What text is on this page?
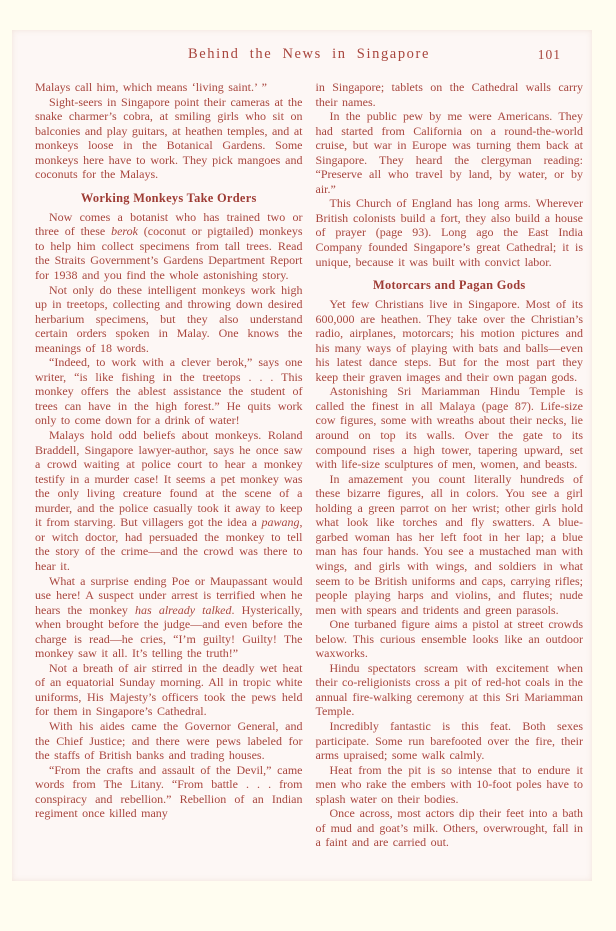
Behind the News in Singapore	101

Malays call him, which means ‘living saint.’ ”

Sight-seers in Singapore point their cameras at the snake charmer’s cobra, at smiling girls who sit on balconies and play guitars, at heathen temples, and at monkeys loose in the Botanical Gardens. Some monkeys here have to work. They pick mangoes and coconuts for the Malays.

Working Monkeys Take Orders

Now comes a botanist who has trained two or three of these berok (coconut or pigtailed) monkeys to help him collect specimens from tall trees. Read the Straits Government’s Gardens Department Report for 1938 and you find the whole astonishing story.

Not only do these intelligent monkeys work high up in treetops, collecting and throwing down desired herbarium specimens, but they also understand certain orders spoken in Malay. One knows the meanings of 18 words.

“Indeed, to work with a clever berok,” says one writer, “is like fishing in the treetops . . . This monkey offers the ablest assistance the student of trees can have in the high forest.” He quits work only to come down for a drink of water!

Malays hold odd beliefs about monkeys. Roland Braddell, Singapore lawyer-author, says he once saw a crowd waiting at police court to hear a monkey testify in a murder case! It seems a pet monkey was the only living creature found at the scene of a murder, and the police casually took it away to keep it from starving. But villagers got the idea a pawang, or witch doctor, had persuaded the monkey to tell the story of the crime—and the crowd was there to hear it.

What a surprise ending Poe or Maupassant would use here! A suspect under arrest is terrified when he hears the monkey has already talked. Hysterically, when brought before the judge—and even before the charge is read—he cries, “I’m guilty! Guilty! The monkey saw it all. It’s telling the truth!”

Not a breath of air stirred in the deadly wet heat of an equatorial Sunday morning. All in tropic white uniforms, His Majesty’s officers took the pews held for them in Singapore’s Cathedral.

With his aides came the Governor General, and the Chief Justice; and there were pews labeled for the staffs of British banks and trading houses.

“From the crafts and assault of the Devil,” came words from The Litany. “From battle . . . from conspiracy and rebellion.” Rebellion of an Indian regiment once killed many

in Singapore; tablets on the Cathedral walls carry their names.

In the public pew by me were Americans. They had started from California on a round-the-world cruise, but war in Europe was turning them back at Singapore. They heard the clergyman reading: “Preserve all who travel by land, by water, or by air.”

This Church of England has long arms. Wherever British colonists build a fort, they also build a house of prayer (page 93). Long ago the East India Company founded Singapore’s great Cathedral; it is unique, because it was built with convict labor.

Motorcars and Pagan Gods

Yet few Christians live in Singapore. Most of its 600,000 are heathen. They take over the Christian’s radio, airplanes, motorcars; his motion pictures and his many ways of playing with bats and balls—even his latest dance steps. But for the most part they keep their graven images and their own pagan gods.

Astonishing Sri Mariamman Hindu Temple is called the finest in all Malaya (page 87). Life-size cow figures, some with wreaths about their necks, lie around on top its walls. Over the gate to its compound rises a high tower, tapering upward, set with life-size sculptures of men, women, and beasts.

In amazement you count literally hundreds of these bizarre figures, all in colors. You see a girl holding a green parrot on her wrist; other girls hold what look like torches and fly swatters. A blue-garbed woman has her left foot in her lap; a blue man has four hands. You see a mustached man with wings, and girls with wings, and soldiers in what seem to be British uniforms and caps, carrying rifles; people playing harps and violins, and flutes; nude men with spears and tridents and green parasols.

One turbaned figure aims a pistol at street crowds below. This curious ensemble looks like an outdoor waxworks.

Hindu spectators scream with excitement when their co-religionists cross a pit of red-hot coals in the annual fire-walking ceremony at this Sri Mariamman Temple.

Incredibly fantastic is this feat. Both sexes participate. Some run barefooted over the fire, their arms upraised; some walk calmly.

Heat from the pit is so intense that to endure it men who rake the embers with 10-foot poles have to splash water on their bodies.

Once across, most actors dip their feet into a bath of mud and goat’s milk. Others, overwrought, fall in a faint and are carried out.
